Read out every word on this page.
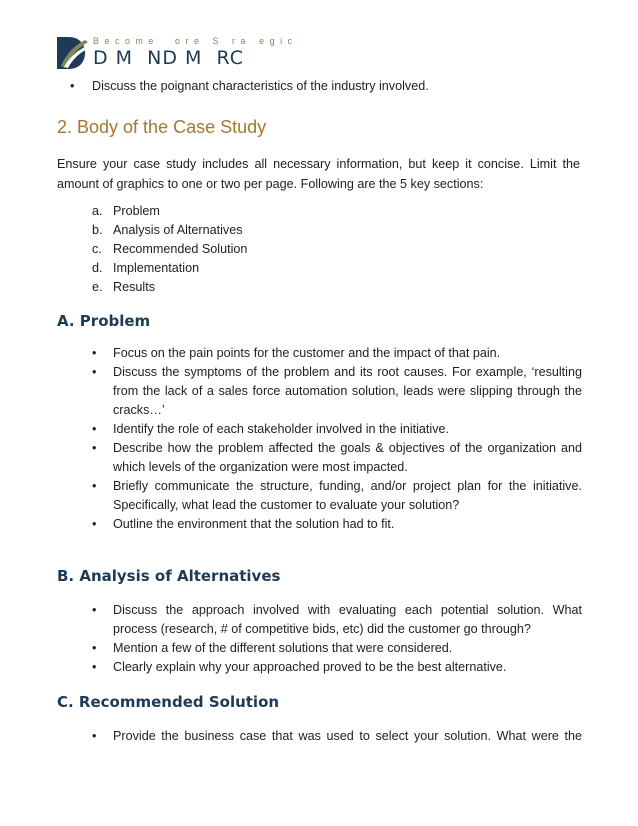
Become  ore S ra egic
D M  ND M  RC
• Discuss the poignant characteristics of the industry involved.
2. Body of the Case Study
Ensure your case study includes all necessary information, but keep it concise. Limit the amount of graphics to one or two per page. Following are the 5 key sections:
a. Problem
b. Analysis of Alternatives
c. Recommended Solution
d. Implementation
e. Results
A. Problem
• Focus on the pain points for the customer and the impact of that pain.
• Discuss the symptoms of the problem and its root causes. For example, ‘resulting from the lack of a sales force automation solution, leads were slipping through the cracks…’
• Identify the role of each stakeholder involved in the initiative.
• Describe how the problem affected the goals & objectives of the organization and which levels of the organization were most impacted.
• Briefly communicate the structure, funding, and/or project plan for the initiative. Specifically, what lead the customer to evaluate your solution?
• Outline the environment that the solution had to fit.
B. Analysis of Alternatives
• Discuss the approach involved with evaluating each potential solution. What process (research, # of competitive bids, etc) did the customer go through?
• Mention a few of the different solutions that were considered.
• Clearly explain why your approached proved to be the best alternative.
C. Recommended Solution
• Provide the business case that was used to select your solution. What were the
